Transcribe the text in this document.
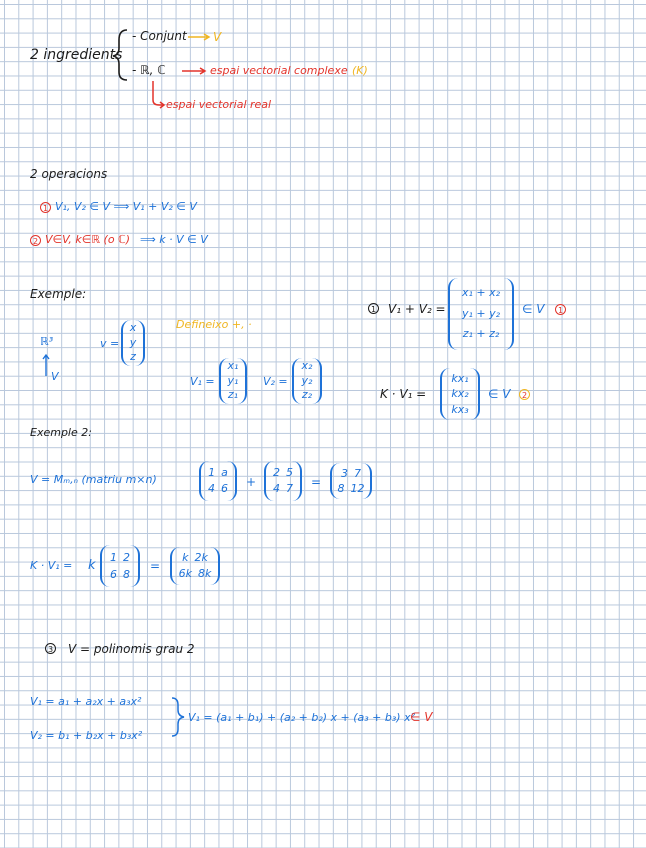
2 ingredients
- Conjunt V
- ℝ, ℂ	espai vectorial complexe (K)
espai vectorial real
2 operacions
1 V₁, V₂ ∈ V ⟹ V₁ + V₂ ∈ V
2 V∈V, k∈ℝ (o ℂ) ⟹ k · V ∈ V
Exemple:
ℝ³
V
v =
x
y
z
Defineixo +, ·
V₁ =
x₁
y₁
z₁
V₂ =
x₂
y₂
z₂
1 V₁ + V₂ =
x₁ + x₂
y₁ + y₂
z₁ + z₂
∈ V	1
K · V₁ =
kx₁
kx₂
kx₃
∈ V	2
Exemple 2:
V = Mₘ,ₙ (matriu m×n)
1 a
4 6 +
2 5
4 7 =
3 7
8 12
K · V₁ = k
1 2
6 8
=
k 2k
6k 8k
3 V = polinomis grau 2
V₁ = a₁ + a₂x + a₃x²
V₂ = b₁ + b₂x + b₃x²
V₁ = (a₁ + b₁) + (a₂ + b₂) x + (a₃ + b₃) x²
∈ V
